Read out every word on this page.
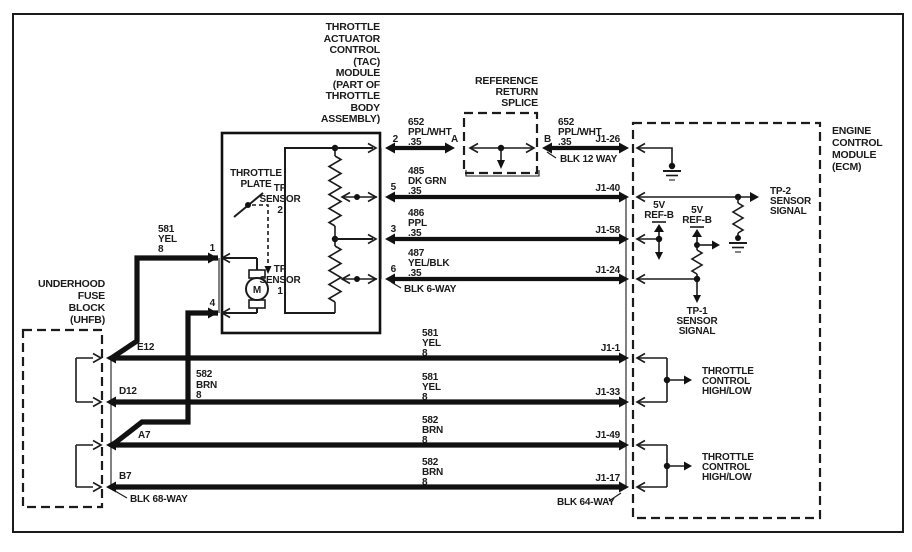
THROTTLE
ACTUATOR
CONTROL
(TAC)
MODULE
(PART OF
THROTTLE
BODY
ASSEMBLY)
THROTTLE
PLATE TP
SENSOR
2
TP
SENSOR
1
M
REFERENCE
RETURN
SPLICE
ENGINE
CONTROL
MODULE
(ECM)
TP-2
SENSOR
SIGNAL
5V
REF-B 5V
REF-B
TP-1
SENSOR
SIGNAL
THROTTLE
CONTROL
HIGH/LOW
THROTTLE
CONTROL
HIGH/LOW
UNDERHOOD
FUSE
BLOCK
(UHFB)
2
652
PPL/WHT
.35	A	B
652
PPL/WHT
.35 J1-26
BLK 12 WAY
5
485
DK GRN
.35	J1-40
3
486
PPL
.35	J1-58
6
487
YEL/BLK
.35	J1-24
BLK 6-WAY
1
581
YEL
8
4
582
BRN
8
E12
581
YEL
8	J1-1
D12
581
YEL
8	J1-33
A7
582
BRN
8	J1-49
B7
582
BRN
8	J1-17
BLK 68-WAY	BLK 64-WAY
